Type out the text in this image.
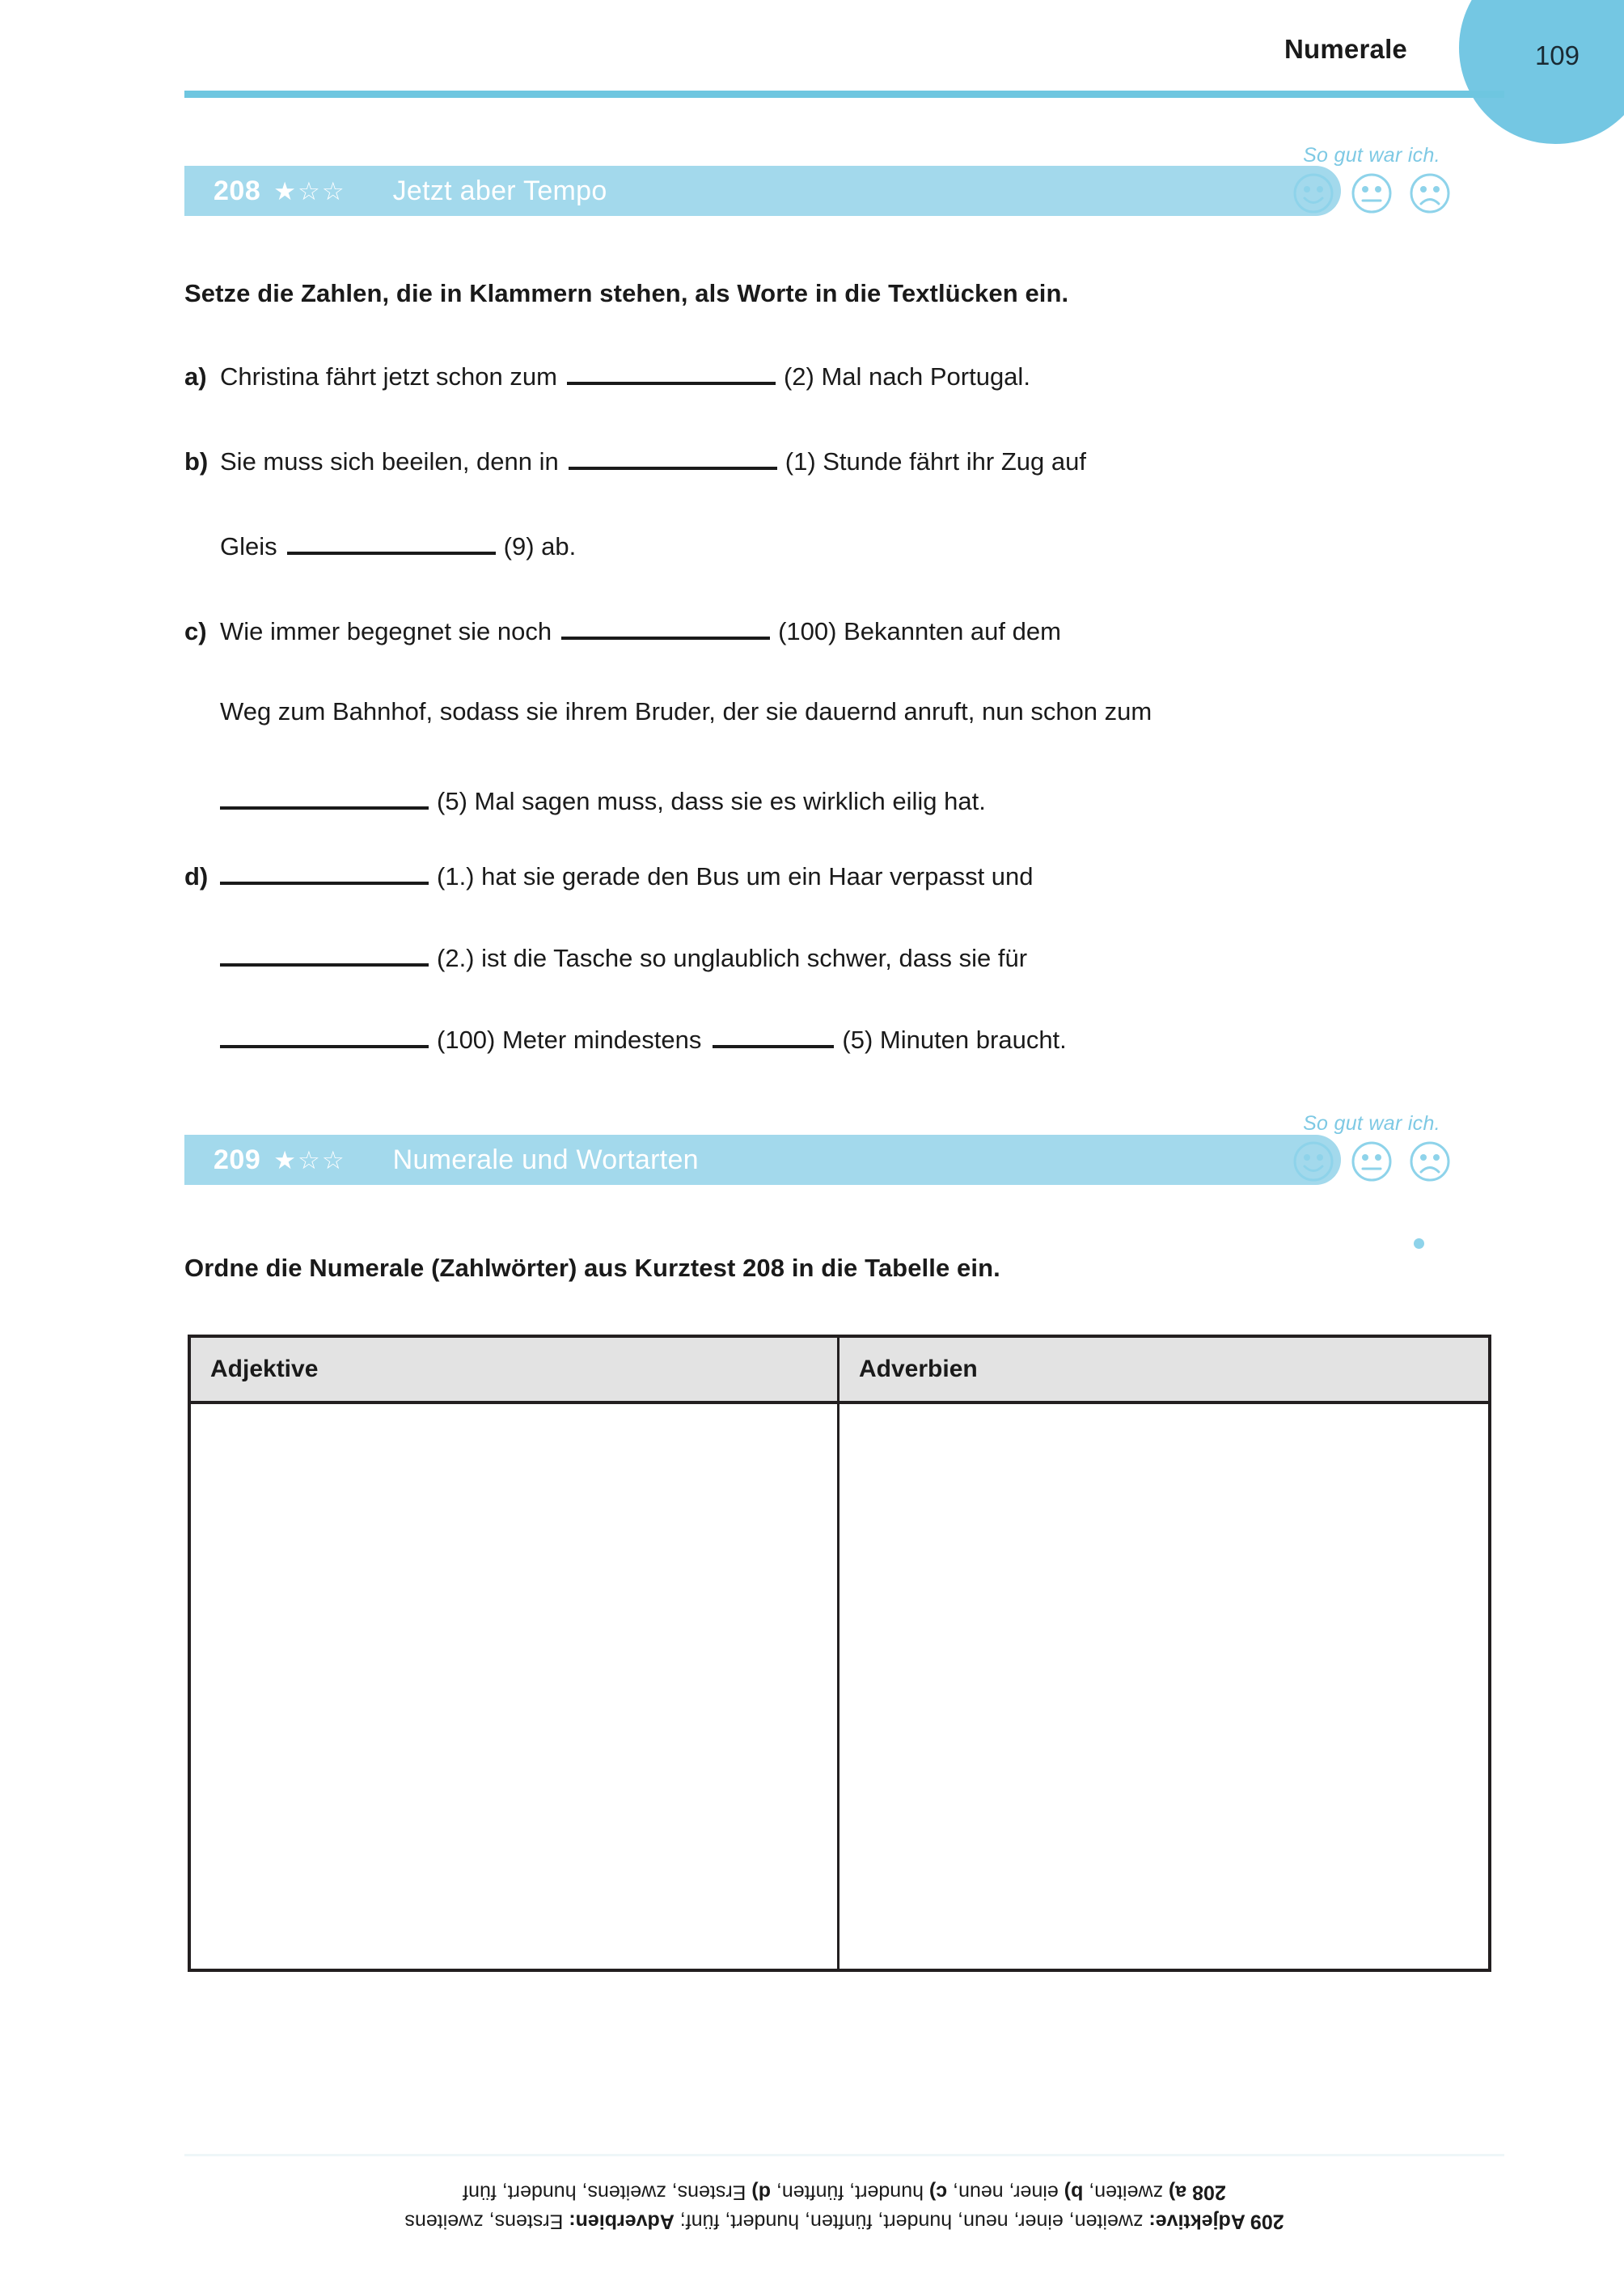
Numerale	109
208 ★☆☆ Jetzt aber Tempo
So gut war ich.
Setze die Zahlen, die in Klammern stehen, als Worte in die Textlücken ein.
a) Christina fährt jetzt schon zum	(2) Mal nach Portugal.
b) Sie muss sich beeilen, denn in	(1) Stunde fährt ihr Zug auf
Gleis	(9) ab.
c) Wie immer begegnet sie noch	(100) Bekannten auf dem
Weg zum Bahnhof, sodass sie ihrem Bruder, der sie dauernd anruft, nun schon zum
(5) Mal sagen muss, dass sie es wirklich eilig hat.
d)	(1.) hat sie gerade den Bus um ein Haar verpasst und
(2.) ist die Tasche so unglaublich schwer, dass sie für
(100) Meter mindestens	(5) Minuten braucht.
209 ★☆☆ Numerale und Wortarten
So gut war ich.
Ordne die Numerale (Zahlwörter) aus Kurztest 208 in die Tabelle ein.
Adjektive	Adverbien
209 Adjektive: zweiten, einer, neun, hundert, fünften, hundert, fünf; Adverbien: Erstens, zweitens
208 a) zweiten, b) einer, neun, c) hundert, fünften, d) Erstens, zweitens, hundert, fünf
